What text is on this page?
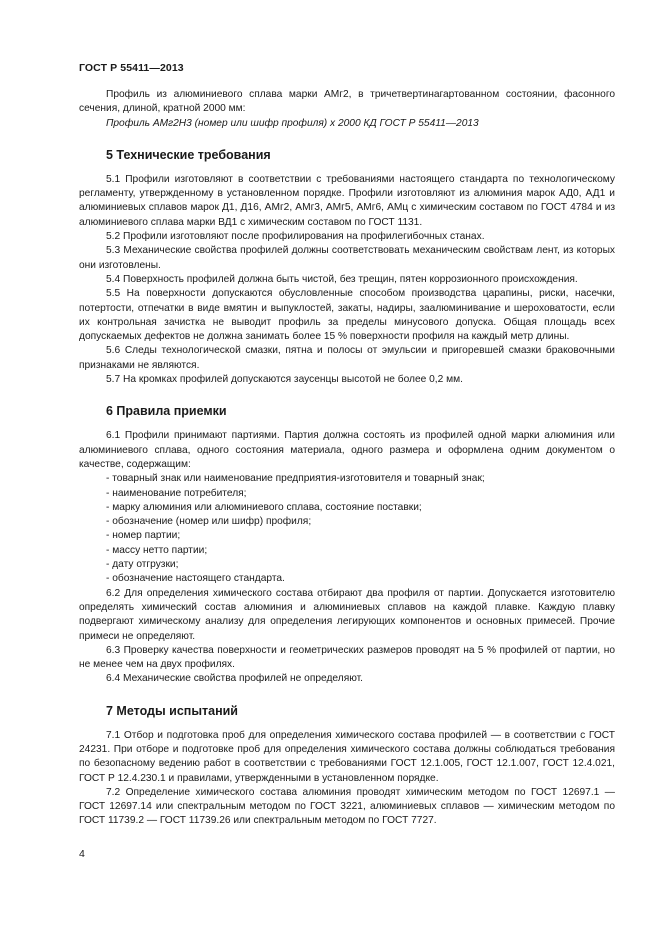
ГОСТ Р 55411—2013

Профиль из алюминиевого сплава марки АМг2, в тричетвертинагартованном состоянии, фасонного сечения, длиной, кратной 2000 мм:

Профиль АМг2Н3 (номер или шифр профиля) х 2000 КД ГОСТ Р 55411—2013

5 Технические требования

5.1 Профили изготовляют в соответствии с требованиями настоящего стандарта по технологическому регламенту, утвержденному в установленном порядке. Профили изготовляют из алюминия марок АД0, АД1 и алюминиевых сплавов марок Д1, Д16, АМг2, АМг3, АМг5, АМг6, АМц с химическим составом по ГОСТ 4784 и из алюминиевого сплава марки ВД1 с химическим составом по ГОСТ 1131.

5.2 Профили изготовляют после профилирования на профилегибочных станах.

5.3 Механические свойства профилей должны соответствовать механическим свойствам лент, из которых они изготовлены.

5.4 Поверхность профилей должна быть чистой, без трещин, пятен коррозионного происхождения.

5.5 На поверхности допускаются обусловленные способом производства царапины, риски, насечки, потертости, отпечатки в виде вмятин и выпуклостей, закаты, надиры, заалюминивание и шероховатости, если их контрольная зачистка не выводит профиль за пределы минусового допуска. Общая площадь всех допускаемых дефектов не должна занимать более 15 % поверхности профиля на каждый метр длины.

5.6 Следы технологической смазки, пятна и полосы от эмульсии и пригоревшей смазки браковочными признаками не являются.

5.7 На кромках профилей допускаются заусенцы высотой не более 0,2 мм.

6 Правила приемки

6.1 Профили принимают партиями. Партия должна состоять из профилей одной марки алюминия или алюминиевого сплава, одного состояния материала, одного размера и оформлена одним документом о качестве, содержащим:

- товарный знак или наименование предприятия-изготовителя и товарный знак;
- наименование потребителя;
- марку алюминия или алюминиевого сплава, состояние поставки;
- обозначение (номер или шифр) профиля;
- номер партии;
- массу нетто партии;
- дату отгрузки;
- обозначение настоящего стандарта.

6.2 Для определения химического состава отбирают два профиля от партии. Допускается изготовителю определять химический состав алюминия и алюминиевых сплавов на каждой плавке. Каждую плавку подвергают химическому анализу для определения легирующих компонентов и основных примесей. Прочие примеси не определяют.

6.3 Проверку качества поверхности и геометрических размеров проводят на 5 % профилей от партии, но не менее чем на двух профилях.

6.4 Механические свойства профилей не определяют.

7 Методы испытаний

7.1 Отбор и подготовка проб для определения химического состава профилей — в соответствии с ГОСТ 24231. При отборе и подготовке проб для определения химического состава должны соблюдаться требования по безопасному ведению работ в соответствии с требованиями ГОСТ 12.1.005, ГОСТ 12.1.007, ГОСТ 12.4.021, ГОСТ Р 12.4.230.1 и правилами, утвержденными в установленном порядке.

7.2 Определение химического состава алюминия проводят химическим методом по ГОСТ 12697.1 — ГОСТ 12697.14 или спектральным методом по ГОСТ 3221, алюминиевых сплавов — химическим методом по ГОСТ 11739.2 — ГОСТ 11739.26 или спектральным методом по ГОСТ 7727.

4
